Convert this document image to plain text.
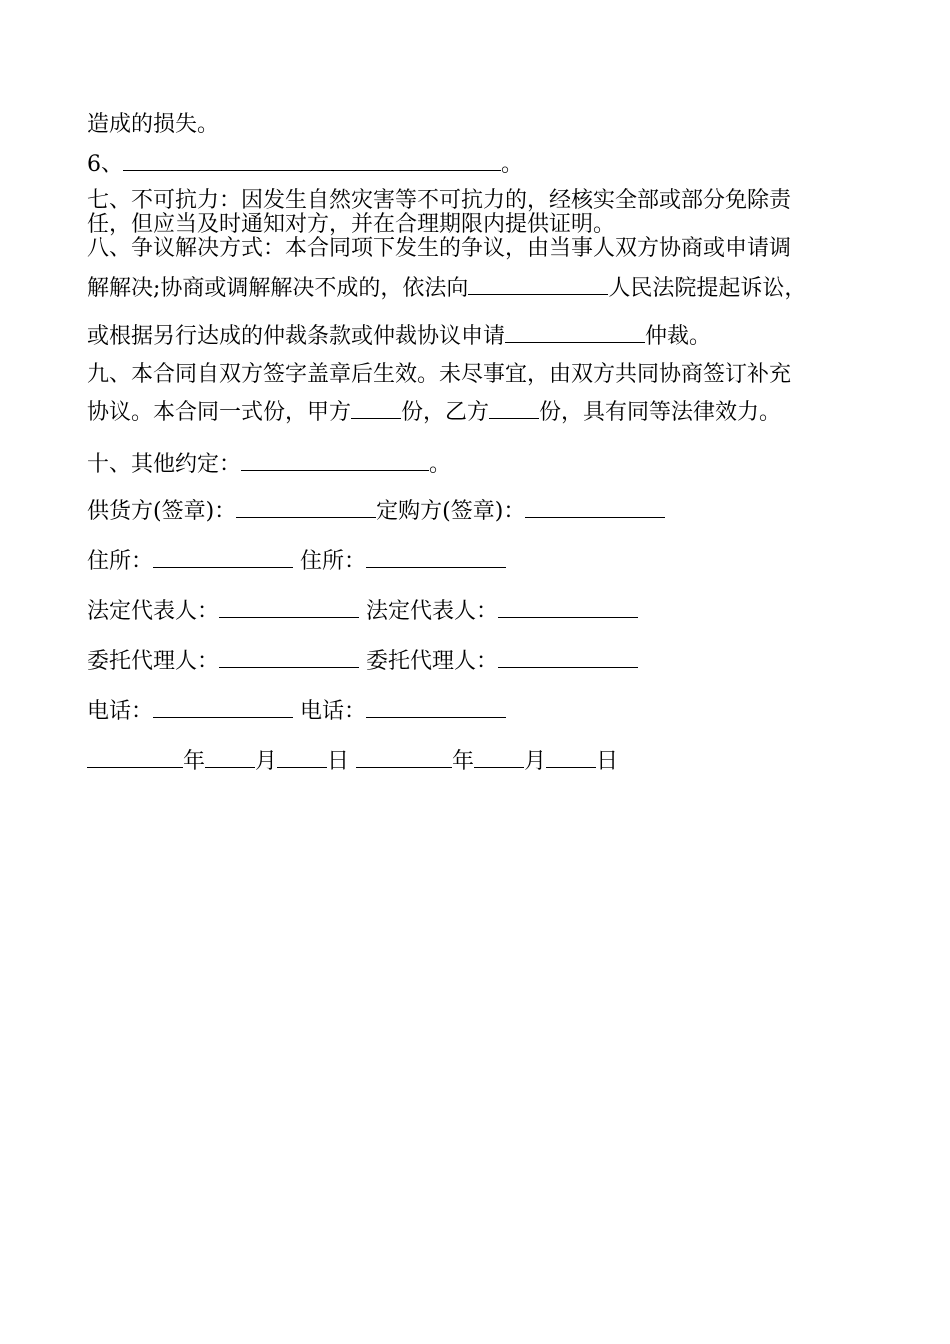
造成的损失。
6、	。
七、不可抗力：因发生自然灾害等不可抗力的，经核实全部或部分免除责
任，但应当及时通知对方，并在合理期限内提供证明。
八、争议解决方式：本合同项下发生的争议，由当事人双方协商或申请调
解解决;协商或调解解决不成的，依法向	人民法院提起诉讼，
或根据另行达成的仲裁条款或仲裁协议申请	仲裁。
九、本合同自双方签字盖章后生效。未尽事宜，由双方共同协商签订补充
协议。本合同一式份，甲方 份，乙方 份，具有同等法律效力。
十、其他约定：	。
供货方(签章)：	定购方(签章)：
住所：	住所：
法定代表人：	法定代表人：
委托代理人：	委托代理人：
电话：	电话：
年 月 日	年 月 日
